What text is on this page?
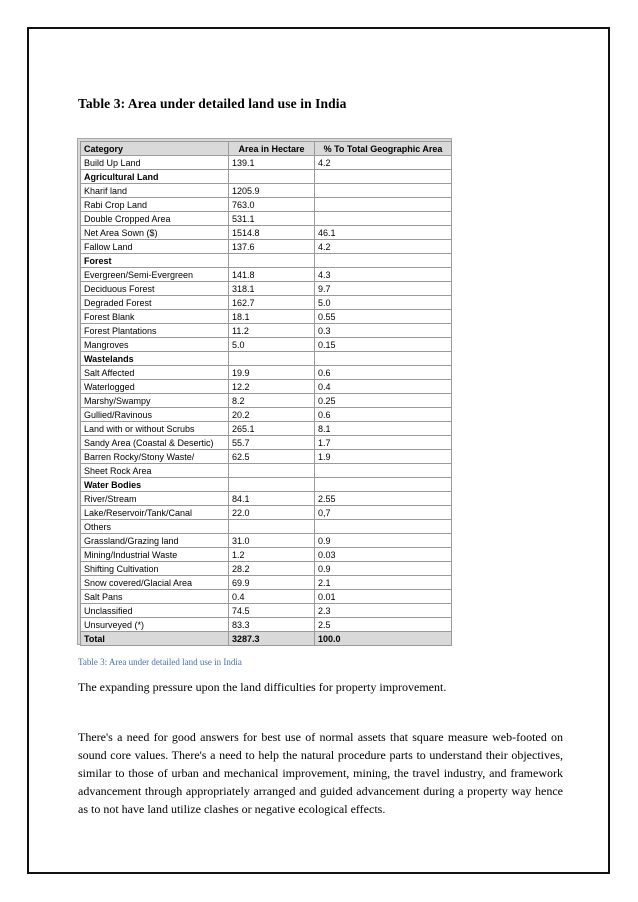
Table 3: Area under detailed land use in India
Category	Area in Hectare	% To Total Geographic Area
Build Up Land	139.1	4.2
Agricultural Land		
Kharif land	1205.9	
Rabi Crop Land	763.0	
Double Cropped Area	531.1	
Net Area Sown ($)	1514.8	46.1
Fallow Land	137.6	4.2
Forest		
Evergreen/Semi-Evergreen	141.8	4.3
Deciduous Forest	318.1	9.7
Degraded Forest	162.7	5.0
Forest Blank	18.1	0.55
Forest Plantations	11.2	0.3
Mangroves	5.0	0.15
Wastelands		
Salt Affected	19.9	0.6
Waterlogged	12.2	0.4
Marshy/Swampy	8.2	0.25
Gullied/Ravinous	20.2	0.6
Land with or without Scrubs	265.1	8.1
Sandy Area (Coastal & Desertic)	55.7	1.7
Barren Rocky/Stony Waste/	62.5	1.9
Sheet Rock Area		
Water Bodies		
River/Stream	84.1	2.55
Lake/Reservoir/Tank/Canal	22.0	0,7
Others		
Grassland/Grazing land	31.0	0.9
Mining/Industrial Waste	1.2	0.03
Shifting Cultivation	28.2	0.9
Snow covered/Glacial Area	69.9	2.1
Salt Pans	0.4	0.01
Unclassified	74.5	2.3
Unsurveyed (*)	83.3	2.5
Total	3287.3	100.0
Table 3: Area under detailed land use in India
The expanding pressure upon the land difficulties for property improvement.
There's a need for good answers for best use of normal assets that square measure web-footed on sound core values. There's a need to help the natural procedure parts to understand their objectives, similar to those of urban and mechanical improvement, mining, the travel industry, and framework advancement through appropriately arranged and guided advancement during a property way hence as to not have land utilize clashes or negative ecological effects.
